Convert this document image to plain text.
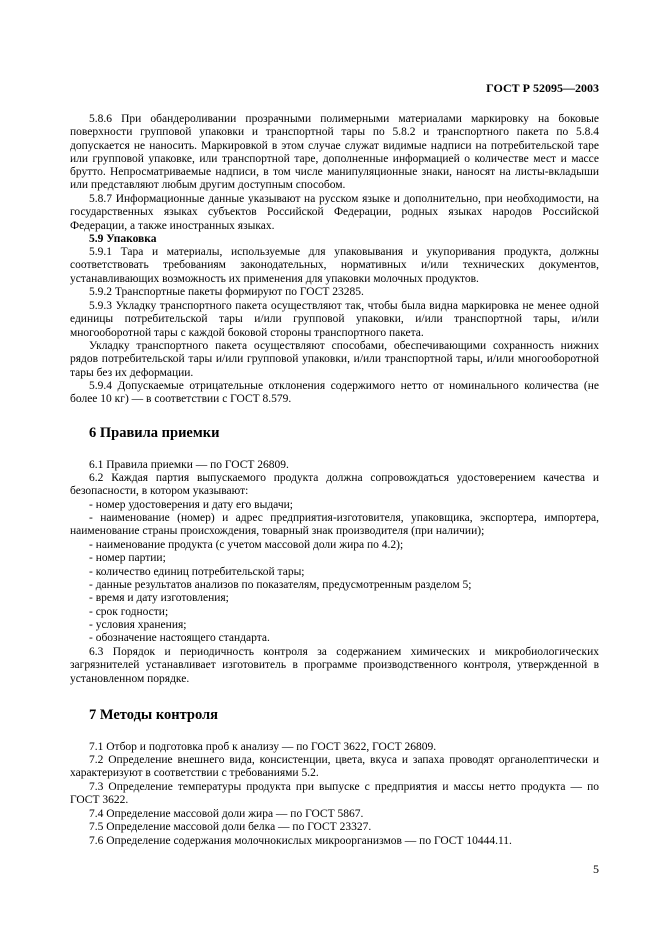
ГОСТ Р 52095—2003

5.8.6 При обандероливании прозрачными полимерными материалами маркировку на боковые поверхности групповой упаковки и транспортной тары по 5.8.2 и транспортного пакета по 5.8.4 допускается не наносить. Маркировкой в этом случае служат видимые надписи на потребительской таре или групповой упаковке, или транспортной таре, дополненные информацией о количестве мест и массе брутто. Непросматриваемые надписи, в том числе манипуляционные знаки, наносят на листы-вкладыши или представляют любым другим доступным способом.

5.8.7 Информационные данные указывают на русском языке и дополнительно, при необходимости, на государственных языках субъектов Российской Федерации, родных языках народов Российской Федерации, а также иностранных языках.

5.9 Упаковка

5.9.1 Тара и материалы, используемые для упаковывания и укупоривания продукта, должны соответствовать требованиям законодательных, нормативных и/или технических документов, устанавливающих возможность их применения для упаковки молочных продуктов.

5.9.2 Транспортные пакеты формируют по ГОСТ 23285.

5.9.3 Укладку транспортного пакета осуществляют так, чтобы была видна маркировка не менее одной единицы потребительской тары и/или групповой упаковки, и/или транспортной тары, и/или многооборотной тары с каждой боковой стороны транспортного пакета.

Укладку транспортного пакета осуществляют способами, обеспечивающими сохранность нижних рядов потребительской тары и/или групповой упаковки, и/или транспортной тары, и/или многооборотной тары без их деформации.

5.9.4 Допускаемые отрицательные отклонения содержимого нетто от номинального количества (не более 10 кг) — в соответствии с ГОСТ 8.579.

6 Правила приемки

6.1 Правила приемки — по ГОСТ 26809.

6.2 Каждая партия выпускаемого продукта должна сопровождаться удостоверением качества и безопасности, в котором указывают:

- номер удостоверения и дату его выдачи;

- наименование (номер) и адрес предприятия-изготовителя, упаковщика, экспортера, импортера, наименование страны происхождения, товарный знак производителя (при наличии);

- наименование продукта (с учетом массовой доли жира по 4.2);

- номер партии;

- количество единиц потребительской тары;

- данные результатов анализов по показателям, предусмотренным разделом 5;

- время и дату изготовления;

- срок годности;

- условия хранения;

- обозначение настоящего стандарта.

6.3 Порядок и периодичность контроля за содержанием химических и микробиологических загрязнителей устанавливает изготовитель в программе производственного контроля, утвержденной в установленном порядке.

7 Методы контроля

7.1 Отбор и подготовка проб к анализу — по ГОСТ 3622, ГОСТ 26809.

7.2 Определение внешнего вида, консистенции, цвета, вкуса и запаха проводят органолептически и характеризуют в соответствии с требованиями 5.2.

7.3 Определение температуры продукта при выпуске с предприятия и массы нетто продукта — по ГОСТ 3622.

7.4 Определение массовой доли жира — по ГОСТ 5867.

7.5 Определение массовой доли белка — по ГОСТ 23327.

7.6 Определение содержания молочнокислых микроорганизмов — по ГОСТ 10444.11.

5
